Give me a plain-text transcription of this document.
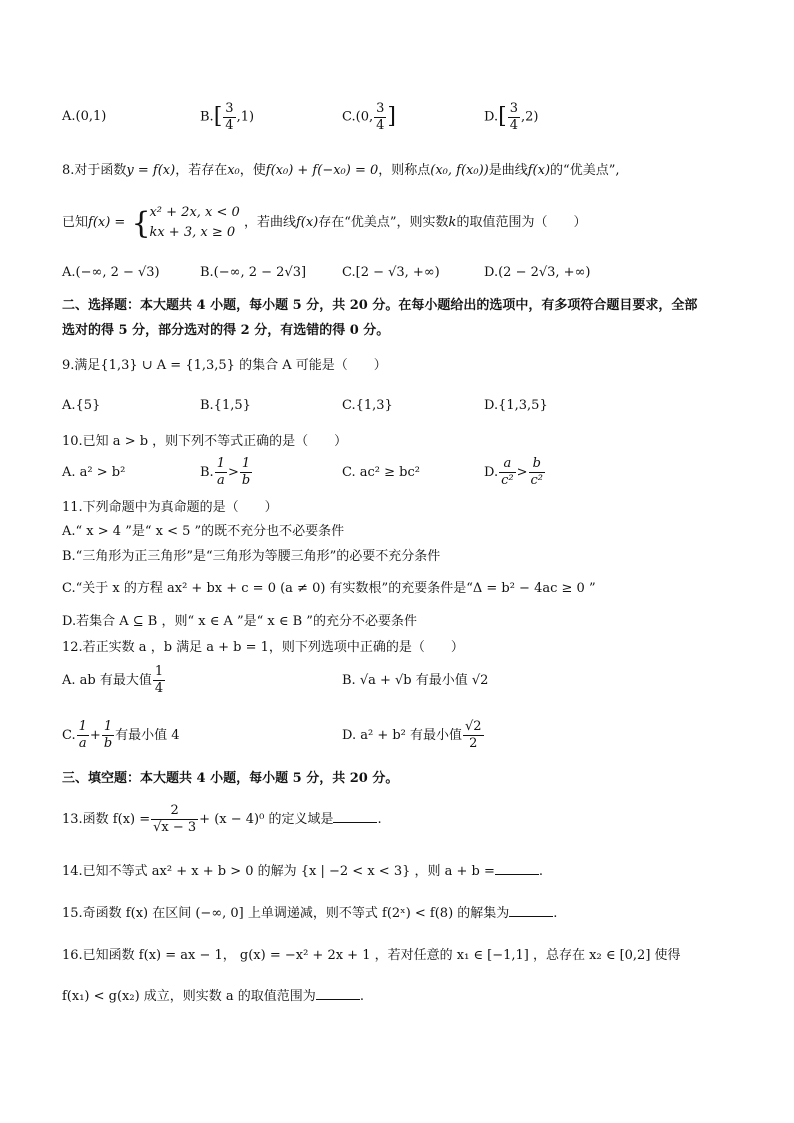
A.(0,1)	$B.[ \frac{3}{4} ,1)$	C.(0, $\frac{3}{4}$ ]	$D.[ \frac{3}{4} ,2)$
8.对于函数y = f(x)，若存在x₀，使f(x₀) + f(−x₀) = 0，则称点(x₀, f(x₀))是曲线f(x)的“优美点”,
已知f(x) =
{ x² + 2x, x < 0
kx + 3, x ≥ 0
，若曲线f(x)存在“优美点”，则实数k的取值范围为（　　）
A.(−∞, 2 − √3)	B.(−∞, 2 − 2√3]	C.[2 − √3, +∞)	D.(2 − 2√3, +∞)
二、选择题：本大题共 4 小题，每小题 5 分，共 20 分。在每小题给出的选项中，有多项符合题目要求，全部
选对的得 5 分，部分选对的得 2 分，有选错的得 0 分。
9.满足{1,3} ∪ A = {1,3,5} 的集合 A 可能是（　　）
A.{5}	B.{1,5}	C.{1,3}	D.{1,3,5}
10.已知 a > b ，则下列不等式正确的是（　　）
A. a² > b²	B. $\frac{1}{a} > \frac{1}{b}$	C. ac² ≥ bc²	D. $\frac{a}{\text{c²}} > \frac{b}{\text{c²}}$
11.下列命题中为真命题的是（　　）
A.“ x > 4 ”是“ x < 5 ”的既不充分也不必要条件
B.“三角形为正三角形”是“三角形为等腰三角形”的必要不充分条件
C.“关于 x 的方程 ax² + bx + c = 0 (a ≠ 0) 有实数根”的充要条件是“Δ = b² − 4ac ≥ 0 ”
D.若集合 A ⊆ B ，则“ x ∈ A ”是“ x ∈ B ”的充分不必要条件
12.若正实数 a ，b 满足 a + b = 1，则下列选项中正确的是（　　）
A. ab 有最大值 $\frac{1}{4}$	B. √a + √b 有最小值 √2
C. $\frac{1}{a} + \frac{1}{b}$ 有最小值 4	D. a² + b² 有最小值 $\frac{√2}{2}$
三、填空题：本大题共 4 小题，每小题 5 分，共 20 分。
13.函数 $f(x) = \frac{2}{√x - 3} + (x - 4)^0$ 的定义域是	.
14.已知不等式 ax² + x + b > 0 的解为 {x | −2 < x < 3} ，则 a + b =	.
15.奇函数 f(x) 在区间 (−∞, 0] 上单调递减，则不等式 f(2ˣ) < f(8) 的解集为	.
16.已知函数 f(x) = ax − 1， g(x) = −x² + 2x + 1 ，若对任意的 x₁ ∈ [−1,1] ，总存在 x₂ ∈ [0,2] 使得
f(x₁) < g(x₂) 成立，则实数 a 的取值范围为	.
